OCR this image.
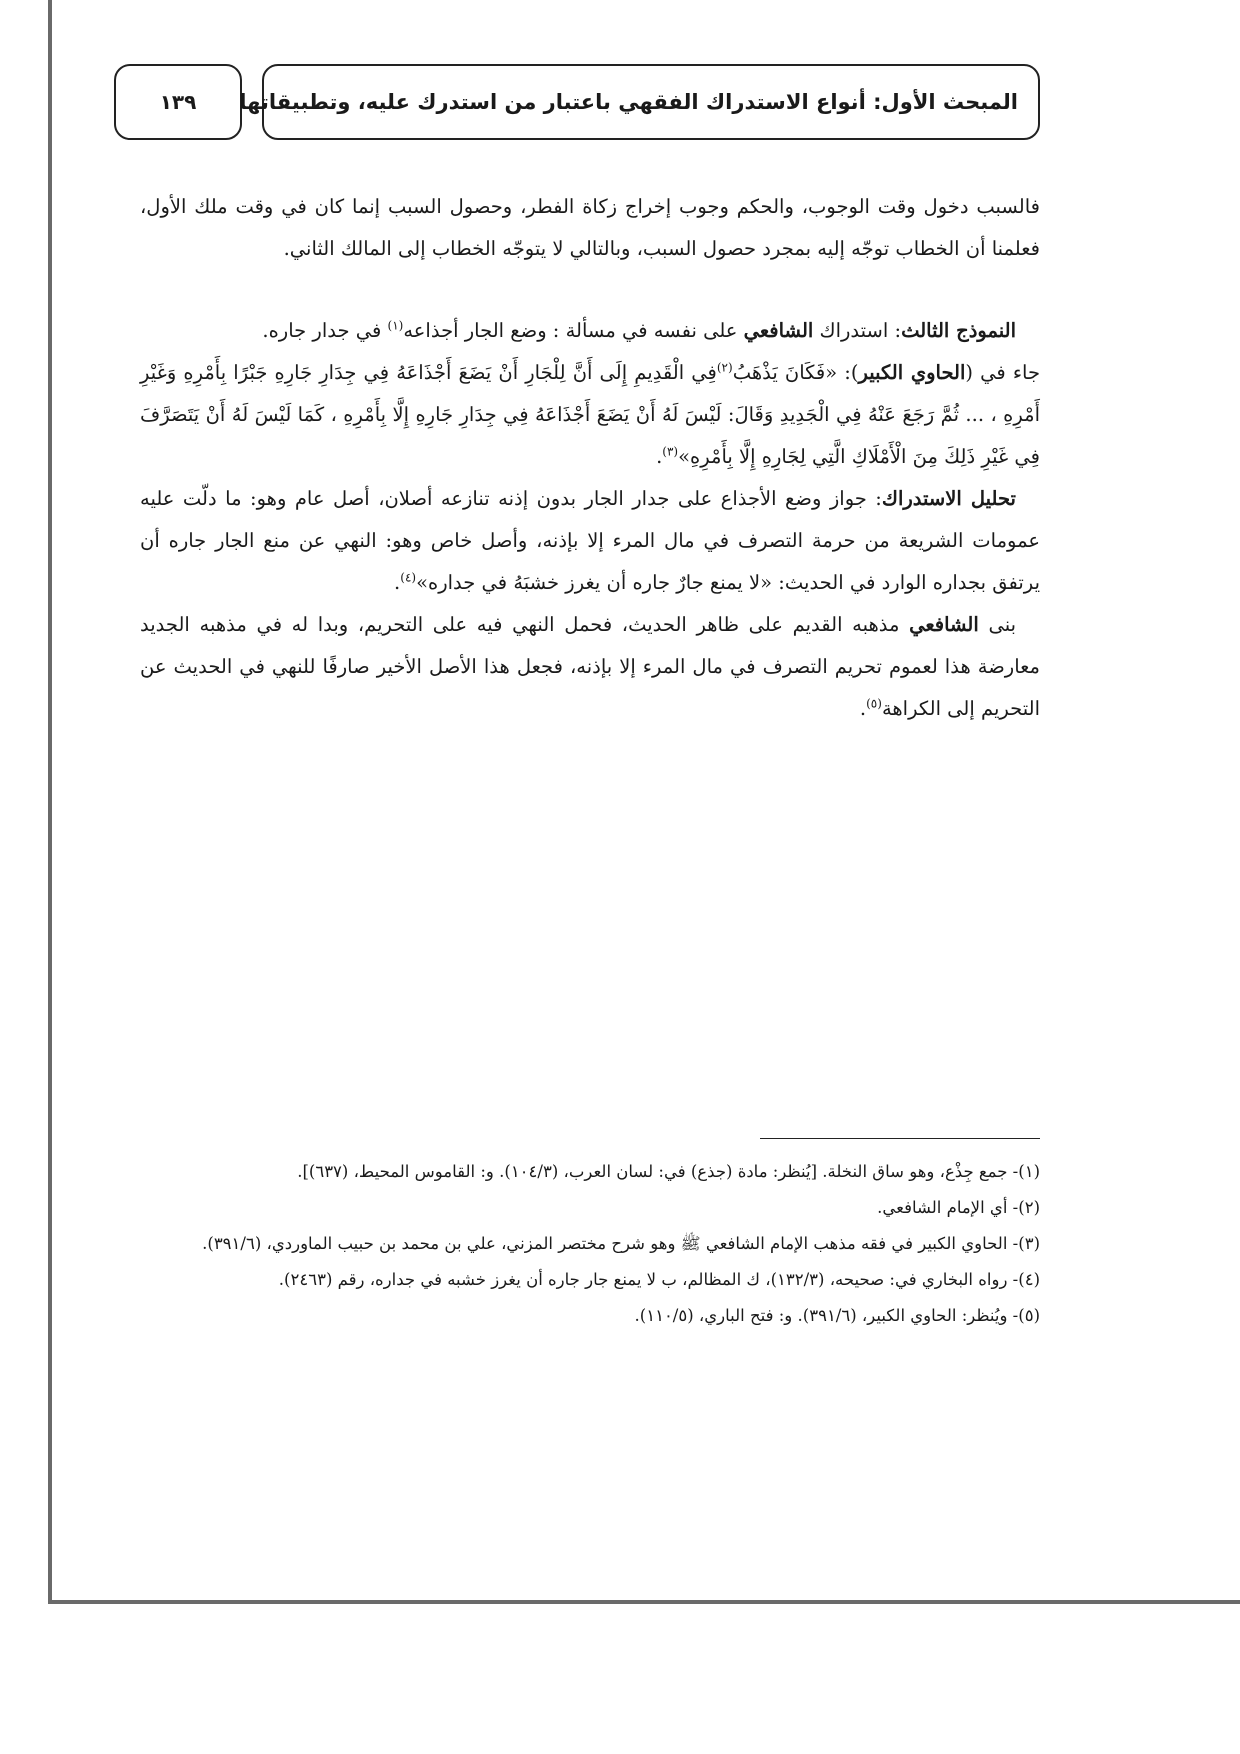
١٣٩ المبحث الأول: أنواع الاستدراك الفقهي باعتبار من استدرك عليه، وتطبيقاتها

فالسبب دخول وقت الوجوب، والحكم وجوب إخراج زكاة الفطر، وحصول السبب إنما كان في وقت ملك الأول، فعلمنا أن الخطاب توجّه إليه بمجرد حصول السبب، وبالتالي لا يتوجّه الخطاب إلى المالك الثاني.

النموذج الثالث: استدراك الشافعي على نفسه في مسألة : وضع الجار أجذاعه$^{(١)}$ في جدار جاره.

جاء في (الحاوي الكبير): «فَكَانَ يَذْهَبُ$^{(٢)}$فِي الْقَدِيمِ إِلَى أَنَّ لِلْجَارِ أَنْ يَضَعَ أَجْذَاعَهُ فِي جِدَارِ جَارِهِ جَبْرًا بِأَمْرِهِ وَغَيْرِ أَمْرِهِ ، ... ثُمَّ رَجَعَ عَنْهُ فِي الْجَدِيدِ وَقَالَ: لَيْسَ لَهُ أَنْ يَضَعَ أَجْذَاعَهُ فِي جِدَارِ جَارِهِ إِلَّا بِأَمْرِهِ ، كَمَا لَيْسَ لَهُ أَنْ يَتَصَرَّفَ فِي غَيْرِ ذَلِكَ مِنَ الْأَمْلَاكِ الَّتِي لِجَارِهِ إِلَّا بِأَمْرِهِ»$^{(٣)}$.

تحليل الاستدراك: جواز وضع الأجذاع على جدار الجار بدون إذنه تنازعه أصلان، أصل عام وهو: ما دلّت عليه عمومات الشريعة من حرمة التصرف في مال المرء إلا بإذنه، وأصل خاص وهو: النهي عن منع الجار جاره أن يرتفق بجداره الوارد في الحديث: «لا يمنع جارٌ جاره أن يغرز خشبَهُ في جداره»$^{(٤)}$.

بنى الشافعي مذهبه القديم على ظاهر الحديث، فحمل النهي فيه على التحريم، وبدا له في مذهبه الجديد معارضة هذا لعموم تحريم التصرف في مال المرء إلا بإذنه، فجعل هذا الأصل الأخير صارفًا للنهي في الحديث عن التحريم إلى الكراهة$^{(٥)}$.

(١)- جمع جِذْع، وهو ساق النخلة. [يُنظر: مادة (جذع) في: لسان العرب، (١٠٤/٣). و: القاموس المحيط، (٦٣٧)].

(٢)- أي الإمام الشافعي.

(٣)- الحاوي الكبير في فقه مذهب الإمام الشافعي ﷺ وهو شرح مختصر المزني، علي بن محمد بن حبيب الماوردي، (٣٩١/٦).

(٤)- رواه البخاري في: صحيحه، (١٣٢/٣)، ك المظالم، ب لا يمنع جار جاره أن يغرز خشبه في جداره، رقم (٢٤٦٣).

(٥)- ويُنظر: الحاوي الكبير، (٣٩١/٦). و: فتح الباري، (١١٠/٥).
